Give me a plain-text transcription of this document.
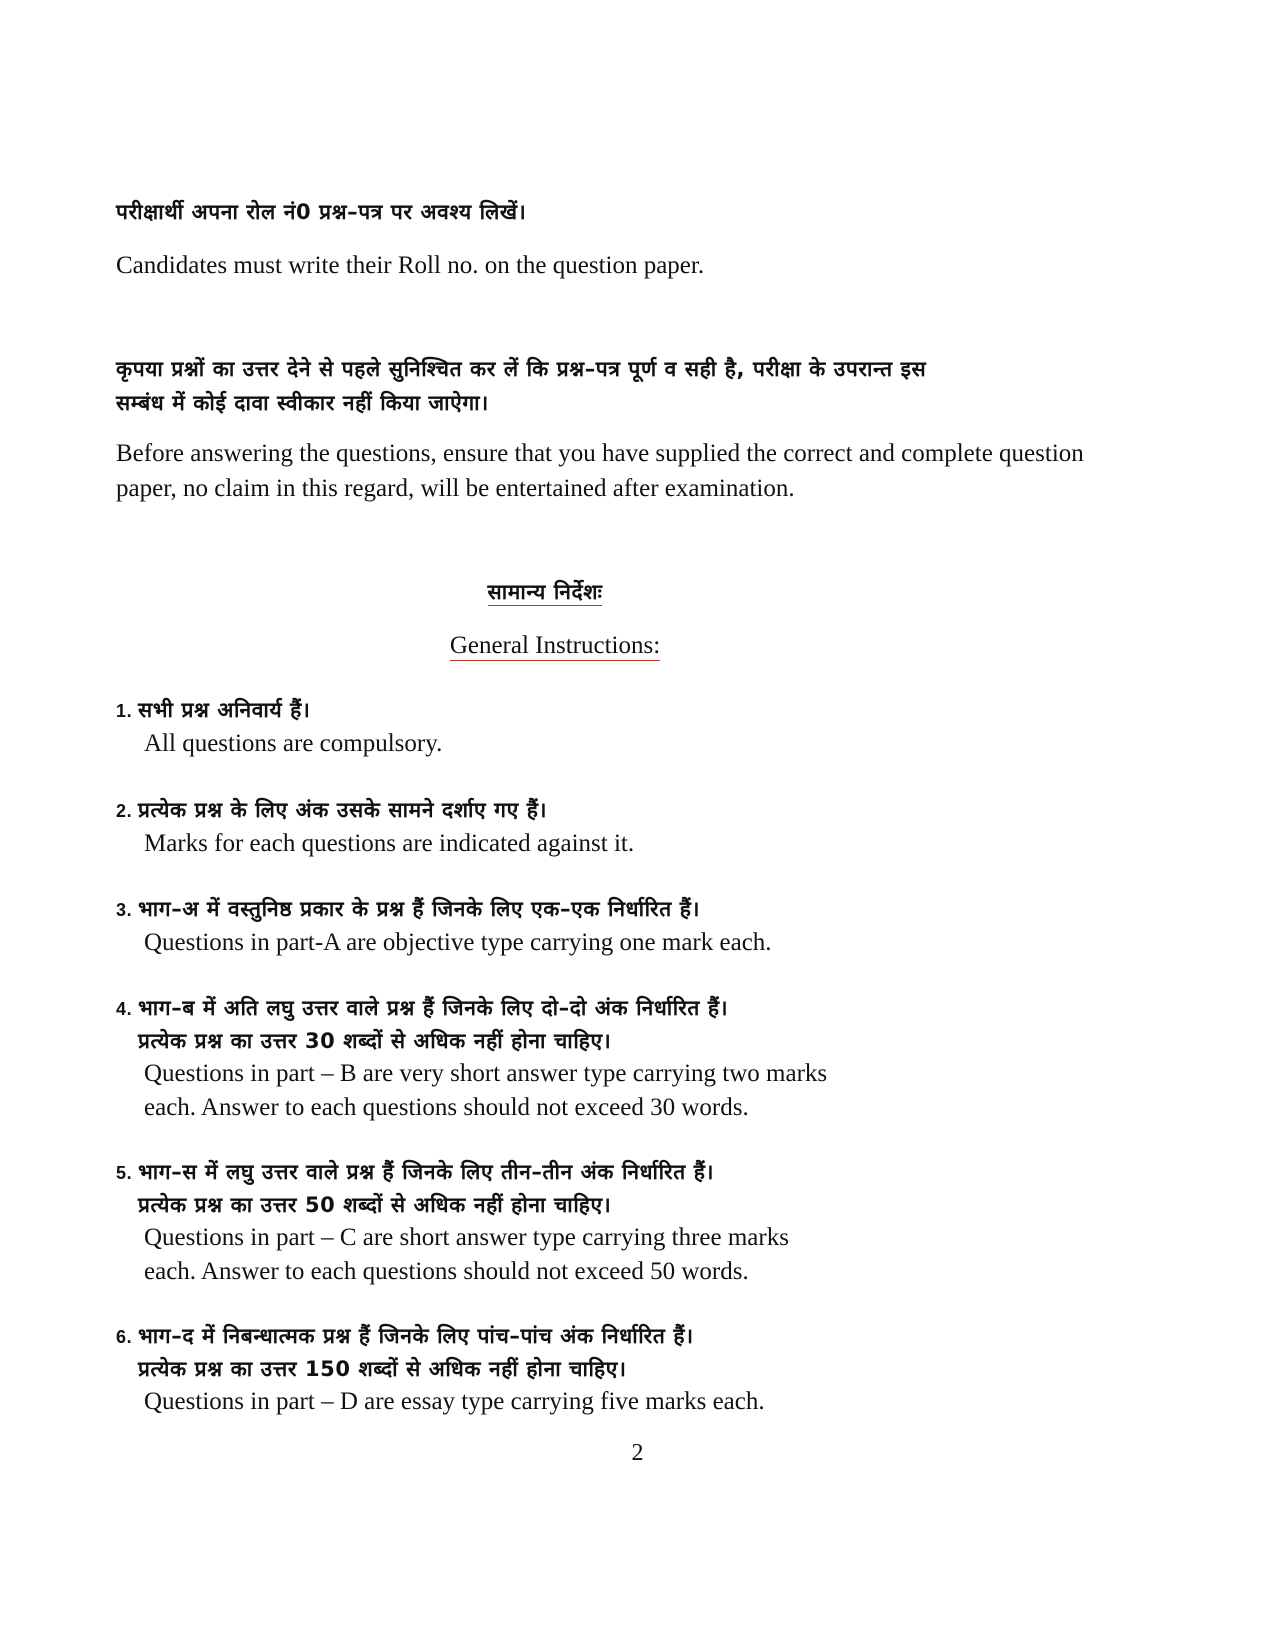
परीक्षार्थी अपना रोल नं0 प्रश्न–पत्र पर अवश्य लिखें।

Candidates must write their Roll no. on the question paper.

कृपया प्रश्नों का उत्तर देने से पहले सुनिश्चित कर लें कि प्रश्न–पत्र पूर्ण व सही है, परीक्षा के उपरान्त इस

सम्बंध में कोई दावा स्वीकार नहीं किया जाऐगा।

Before answering the questions, ensure that you have supplied the correct and complete question

paper, no claim in this regard, will be entertained after examination.

सामान्य निर्देशः
General Instructions:

1. सभी प्रश्न अनिवार्य हैं।

All questions are compulsory.

2. प्रत्येक प्रश्न के लिए अंक उसके सामने दर्शाए गए हैं।

Marks for each questions are indicated against it.

3. भाग–अ में वस्तुनिष्ठ प्रकार के प्रश्न हैं जिनके लिए एक–एक निर्धारित हैं।

Questions in part-A are objective type carrying one mark each.

4. भाग–ब में अति लघु उत्तर वाले प्रश्न हैं जिनके लिए दो–दो अंक निर्धारित हैं।

प्रत्येक प्रश्न का उत्तर 30 शब्दों से अधिक नहीं होना चाहिए।

Questions in part – B are very short answer type carrying two marks

each. Answer to each questions should not exceed 30 words.

5. भाग–स में लघु उत्तर वाले प्रश्न हैं जिनके लिए तीन–तीन अंक निर्धारित हैं।

प्रत्येक प्रश्न का उत्तर 50 शब्दों से अधिक नहीं होना चाहिए।

Questions in part – C are short answer type carrying three marks

each. Answer to each questions should not exceed 50 words.

6. भाग–द में निबन्धात्मक प्रश्न हैं जिनके लिए पांच–पांच अंक निर्धारित हैं।

प्रत्येक प्रश्न का उत्तर 150 शब्दों से अधिक नहीं होना चाहिए।

Questions in part – D are essay type carrying five marks each.

2
